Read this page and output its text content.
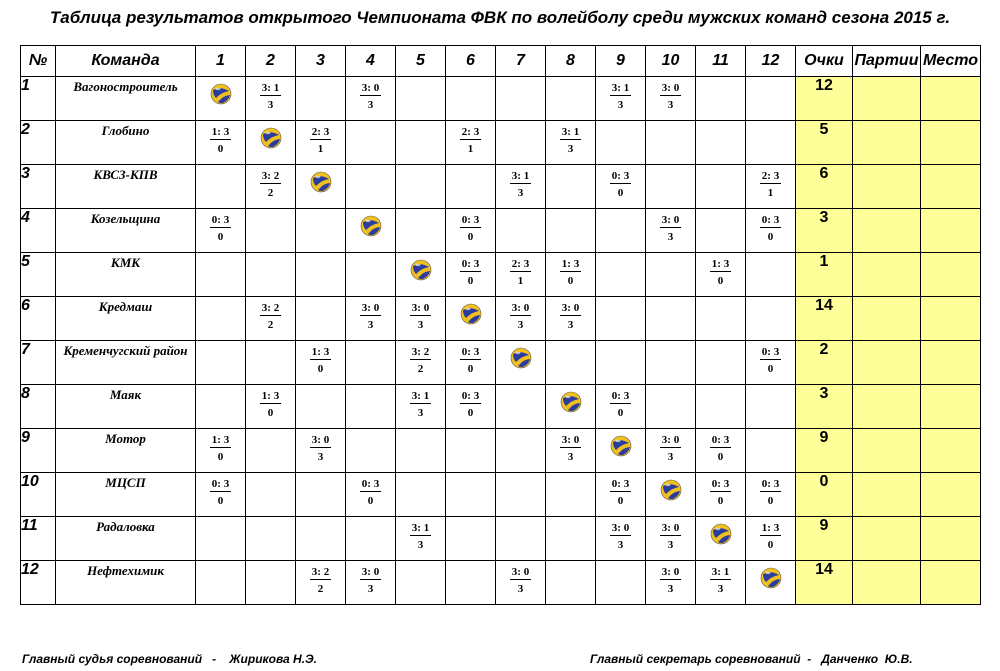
Таблица результатов открытого Чемпионата ФВК по волейболу среди мужских команд сезона 2015 г.
№	Команда	1	2	3	4	5	6	7	8	9	10	11	12	Очки	Партии	Место
1	Вагоностроитель		$\frac{3: 1}{3}$		$\frac{3: 0}{3}$					$\frac{3: 1}{3}$	$\frac{3: 0}{3}$			12		
2	Глобино	$\frac{1: 3}{0}$		$\frac{2: 3}{1}$			$\frac{2: 3}{1}$		$\frac{3: 1}{3}$					5		
3	КВСЗ-КПВ		$\frac{3: 2}{2}$					$\frac{3: 1}{3}$		$\frac{0: 3}{0}$			$\frac{2: 3}{1}$	6		
4	Козельщина	$\frac{0: 3}{0}$					$\frac{0: 3}{0}$				$\frac{3: 0}{3}$		$\frac{0: 3}{0}$	3		
5	КМК						$\frac{0: 3}{0}$	$\frac{2: 3}{1}$	$\frac{1: 3}{0}$			$\frac{1: 3}{0}$		1		
6	Кредмаш		$\frac{3: 2}{2}$		$\frac{3: 0}{3}$	$\frac{3: 0}{3}$		$\frac{3: 0}{3}$	$\frac{3: 0}{3}$					14		
7	Кременчугский район			$\frac{1: 3}{0}$		$\frac{3: 2}{2}$	$\frac{0: 3}{0}$						$\frac{0: 3}{0}$	2		
8	Маяк		$\frac{1: 3}{0}$			$\frac{3: 1}{3}$	$\frac{0: 3}{0}$			$\frac{0: 3}{0}$				3		
9	Мотор	$\frac{1: 3}{0}$		$\frac{3: 0}{3}$					$\frac{3: 0}{3}$		$\frac{3: 0}{3}$	$\frac{0: 3}{0}$		9		
10	МЦСП	$\frac{0: 3}{0}$			$\frac{0: 3}{0}$					$\frac{0: 3}{0}$		$\frac{0: 3}{0}$	$\frac{0: 3}{0}$	0		
11	Радаловка					$\frac{3: 1}{3}$				$\frac{3: 0}{3}$	$\frac{3: 0}{3}$		$\frac{1: 3}{0}$	9		
12	Нефтехимик			$\frac{3: 2}{2}$	$\frac{3: 0}{3}$			$\frac{3: 0}{3}$			$\frac{3: 0}{3}$	$\frac{3: 1}{3}$		14		
Главный судья соревнований   -    Жирикова Н.Э.	Главный секретарь соревнований  -   Данченко  Ю.В.
